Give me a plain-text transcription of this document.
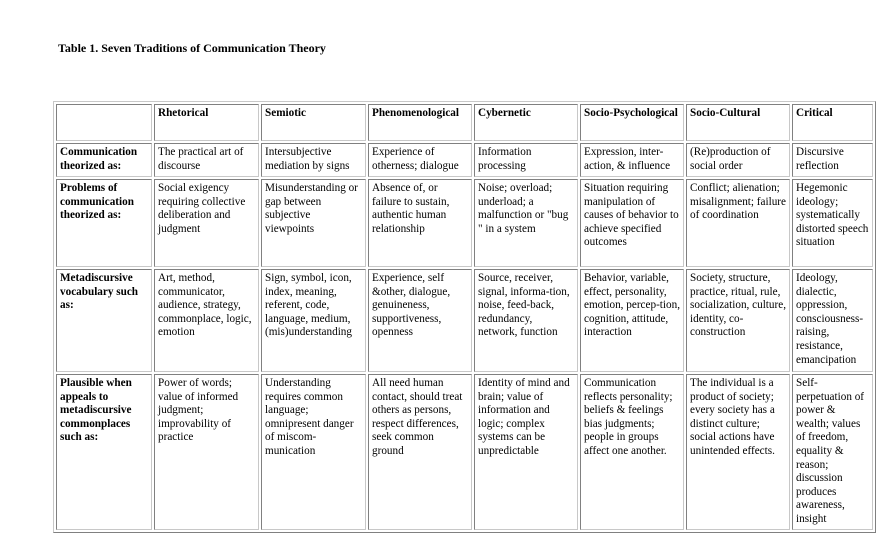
Table 1. Seven Traditions of Communication Theory
	Rhetorical	Semiotic	Phenomenological	Cybernetic	Socio-Psychological	Socio-Cultural	Critical
Communication theorized as:	The practical art of discourse	Intersubjective mediation by signs	Experience of otherness; dialogue	Information processing	Expression, inter-action, & influence	(Re)production of social order	Discursive reflection
Problems of communication theorized as:	Social exigency requiring collective deliberation and judgment	Misunderstanding or gap between subjective viewpoints	Absence of, or failure to sustain, authentic human relationship	Noise; overload; underload; a malfunction or "bug " in a system	Situation requiring manipulation of causes of behavior to achieve specified outcomes	Conflict; alienation; misalignment; failure of coordination	Hegemonic ideology; systematically distorted speech situation
Metadiscursive vocabulary such as:	Art, method, communicator, audience, strategy, commonplace, logic, emotion	Sign, symbol, icon, index, meaning, referent, code, language, medium, (mis)understanding	Experience, self &other, dialogue, genuineness, supportiveness, openness	Source, receiver, signal, informa-tion, noise, feed-back, redundancy, network, function	Behavior, variable, effect, personality, emotion, percep-tion, cognition, attitude, interaction	Society, structure, practice, ritual, rule, socialization, culture, identity, co-construction	Ideology, dialectic, oppression, consciousness-raising, resistance, emancipation
Plausible when appeals to metadiscursive commonplaces such as:	Power of words; value of informed judgment; improvability of practice	Understanding requires common language; omnipresent danger of miscom-munication	All need human contact, should treat others as persons, respect differences, seek common ground	Identity of mind and brain; value of information and logic; complex systems can be unpredictable	Communication reflects personality; beliefs & feelings bias judgments; people in groups affect one another.	The individual is a product of society; every society has a distinct culture; social actions have unintended effects.	Self-perpetuation of power & wealth; values of freedom, equality & reason; discussion produces awareness, insight
